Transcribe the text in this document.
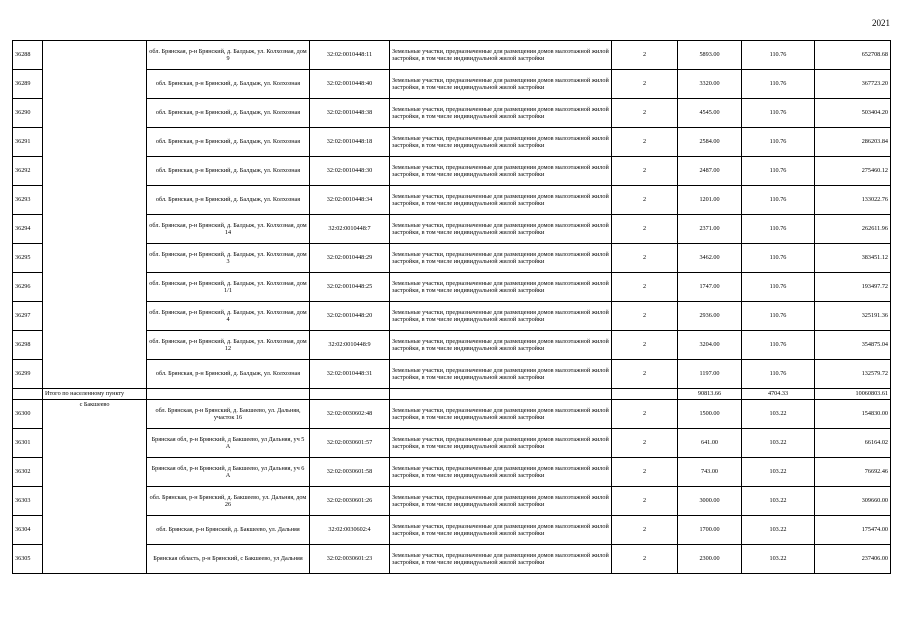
2021
36288		обл. Брянская, р-н Брянский, д. Балдыж, ул. Колхозная, дом 9	32:02:0010448:11	Земельные участки, предназначенные для размещения домов малоэтажной жилой застройки, в том числе индивидуальной жилой застройки	2	5893.00	110.76	652708.68
36289		обл. Брянская, р-н Брянский, д. Балдыж, ул. Колхозная	32:02:0010448:40	Земельные участки, предназначенные для размещения домов малоэтажной жилой застройки, в том числе индивидуальной жилой застройки	2	3320.00	110.76	367723.20
36290		обл. Брянская, р-н Брянский, д. Балдыж, ул. Колхозная	32:02:0010448:38	Земельные участки, предназначенные для размещения домов малоэтажной жилой застройки, в том числе индивидуальной жилой застройки	2	4545.00	110.76	503404.20
36291		обл. Брянская, р-н Брянский, д. Балдыж, ул. Колхозная	32:02:0010448:18	Земельные участки, предназначенные для размещения домов малоэтажной жилой застройки, в том числе индивидуальной жилой застройки	2	2584.00	110.76	286203.84
36292		обл. Брянская, р-н Брянский, д. Балдыж, ул. Колхозная	32:02:0010448:30	Земельные участки, предназначенные для размещения домов малоэтажной жилой застройки, в том числе индивидуальной жилой застройки	2	2487.00	110.76	275460.12
36293		обл. Брянская, р-н Брянский, д. Балдыж, ул. Колхозная	32:02:0010448:34	Земельные участки, предназначенные для размещения домов малоэтажной жилой застройки, в том числе индивидуальной жилой застройки	2	1201.00	110.76	133022.76
36294		обл. Брянская, р-н Брянский, д. Балдыж, ул. Колхозная, дом 14	32:02:0010448:7	Земельные участки, предназначенные для размещения домов малоэтажной жилой застройки, в том числе индивидуальной жилой застройки	2	2371.00	110.76	262611.96
36295		обл. Брянская, р-н Брянский, д. Балдыж, ул. Колхозная, дом 3	32:02:0010448:29	Земельные участки, предназначенные для размещения домов малоэтажной жилой застройки, в том числе индивидуальной жилой застройки	2	3462.00	110.76	383451.12
36296		обл. Брянская, р-н Брянский, д. Балдыж, ул. Колхозная, дом 1/1	32:02:0010448:25	Земельные участки, предназначенные для размещения домов малоэтажной жилой застройки, в том числе индивидуальной жилой застройки	2	1747.00	110.76	193497.72
36297		обл. Брянская, р-н Брянский, д. Балдыж, ул. Колхозная, дом 4	32:02:0010448:20	Земельные участки, предназначенные для размещения домов малоэтажной жилой застройки, в том числе индивидуальной жилой застройки	2	2936.00	110.76	325191.36
36298		обл. Брянская, р-н Брянский, д. Балдыж, ул. Колхозная, дом 12	32:02:0010448:9	Земельные участки, предназначенные для размещения домов малоэтажной жилой застройки, в том числе индивидуальной жилой застройки	2	3204.00	110.76	354875.04
36299		обл. Брянская, р-н Брянский, д. Балдыж, ул. Колхозная	32:02:0010448:31	Земельные участки, предназначенные для размещения домов малоэтажной жилой застройки, в том числе индивидуальной жилой застройки	2	1197.00	110.76	132579.72
	Итого по населенному пункту					90813.66	4704.33	10060803.61
36300	с Бакшеево	обл. Брянская, р-н Брянский, д. Бакшеево, ул. Дальняя, участок 16	32:02:0030602:48	Земельные участки, предназначенные для размещения домов малоэтажной жилой застройки, в том числе индивидуальной жилой застройки	2	1500.00	103.22	154830.00
36301		Брянская обл, р-н Брянский, д Бакшеево, ул Дальняя, уч 5 А	32:02:0030601:57	Земельные участки, предназначенные для размещения домов малоэтажной жилой застройки, в том числе индивидуальной жилой застройки	2	641.00	103.22	66164.02
36302		Брянская обл, р-н Брянский, д Бакшеево, ул Дальняя, уч 6 А	32:02:0030601:58	Земельные участки, предназначенные для размещения домов малоэтажной жилой застройки, в том числе индивидуальной жилой застройки	2	743.00	103.22	76692.46
36303		обл. Брянская, р-н Брянский, д. Бакшеево, ул. Дальняя, дом 26	32:02:0030601:26	Земельные участки, предназначенные для размещения домов малоэтажной жилой застройки, в том числе индивидуальной жилой застройки	2	3000.00	103.22	309660.00
36304		обл. Брянская, р-н Брянский, д. Бакшеево, ул. Дальняя	32:02:0030602:4	Земельные участки, предназначенные для размещения домов малоэтажной жилой застройки, в том числе индивидуальной жилой застройки	2	1700.00	103.22	175474.00
36305		Брянская область, р-н Брянский, с Бакшеево, ул Дальняя	32:02:0030601:23	Земельные участки, предназначенные для размещения домов малоэтажной жилой застройки, в том числе индивидуальной жилой застройки	2	2300.00	103.22	237406.00
